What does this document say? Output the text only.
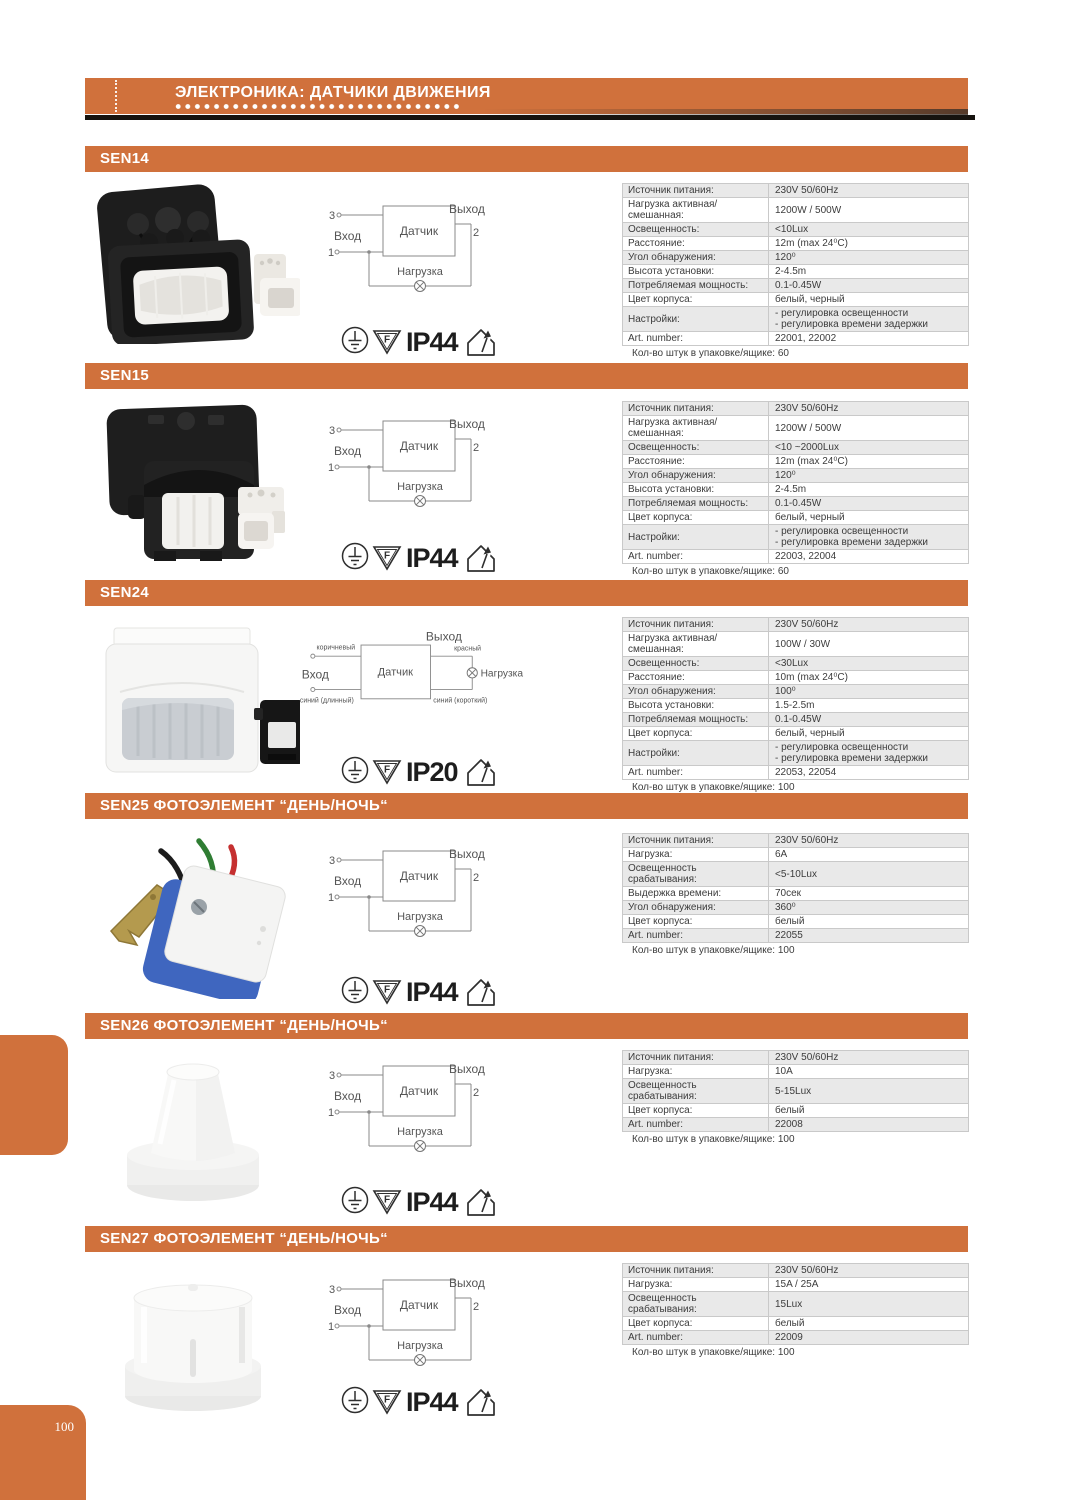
ЭЛЕКТРОНИКА: ДАТЧИКИ ДВИЖЕНИЯ
SEN14
3
Вход
1
Датчик
Выход
2
Нагрузка
F IP44
Источник питания:	230V 50/60Hz
Нагрузка активная/смешанная:	1200W / 500W
Освещенность:	<10Lux
Расстояние:	12m (max 24⁰C)
Угол обнаружения:	120⁰
Высота установки:	2-4.5m
Потребляемая мощность:	0.1-0.45W
Цвет корпуса:	белый, черный
Настройки:	- регулировка освещенности
- регулировка времени задержки
Art. number:	22001, 22002
Кол-во штук в упаковке/ящике: 60
SEN15
3
Вход
1
Датчик
Выход
2
Нагрузка
F IP44
Источник питания:	230V 50/60Hz
Нагрузка активная/смешанная:	1200W / 500W
Освещенность:	<10 ~2000Lux
Расстояние:	12m (max 24⁰C)
Угол обнаружения:	120⁰
Высота установки:	2-4.5m
Потребляемая мощность:	0.1-0.45W
Цвет корпуса:	белый, черный
Настройки:	- регулировка освещенности
- регулировка времени задержки
Art. number:	22003, 22004
Кол-во штук в упаковке/ящике: 60
SEN24
Выход
коричневый
Вход
синий (длинный)
Датчик
красный
Нагрузка
синий (короткий)
F IP20
Источник питания:	230V 50/60Hz
Нагрузка активная/смешанная:	100W / 30W
Освещенность:	<30Lux
Расстояние:	10m (max 24⁰C)
Угол обнаружения:	100⁰
Высота установки:	1.5-2.5m
Потребляемая мощность:	0.1-0.45W
Цвет корпуса:	белый, черный
Настройки:	- регулировка освещенности
- регулировка времени задержки
Art. number:	22053, 22054
Кол-во штук в упаковке/ящике: 100
SEN25 ФОТОЭЛЕМЕНТ “ДЕНЬ/НОЧЬ“
3
Вход
1
Датчик
Выход
2
Нагрузка
F IP44
Источник питания:	230V 50/60Hz
Нагрузка:	6A
Освещенность срабатывания:	<5-10Lux
Выдержка времени:	70сек
Угол обнаружения:	360⁰
Цвет корпуса:	белый
Art. number:	22055
Кол-во штук в упаковке/ящике: 100
SEN26 ФОТОЭЛЕМЕНТ “ДЕНЬ/НОЧЬ“
3
Вход
1
Датчик
Выход
2
Нагрузка
F IP44
Источник питания:	230V 50/60Hz
Нагрузка:	10A
Освещенность срабатывания:	5-15Lux
Цвет корпуса:	белый
Art. number:	22008
Кол-во штук в упаковке/ящике: 100
SEN27 ФОТОЭЛЕМЕНТ “ДЕНЬ/НОЧЬ“
3
Вход
1
Датчик
Выход
2
Нагрузка
F IP44
Источник питания:	230V 50/60Hz
Нагрузка:	15A / 25A
Освещенность срабатывания:	15Lux
Цвет корпуса:	белый
Art. number:	22009
Кол-во штук в упаковке/ящике: 100
100
